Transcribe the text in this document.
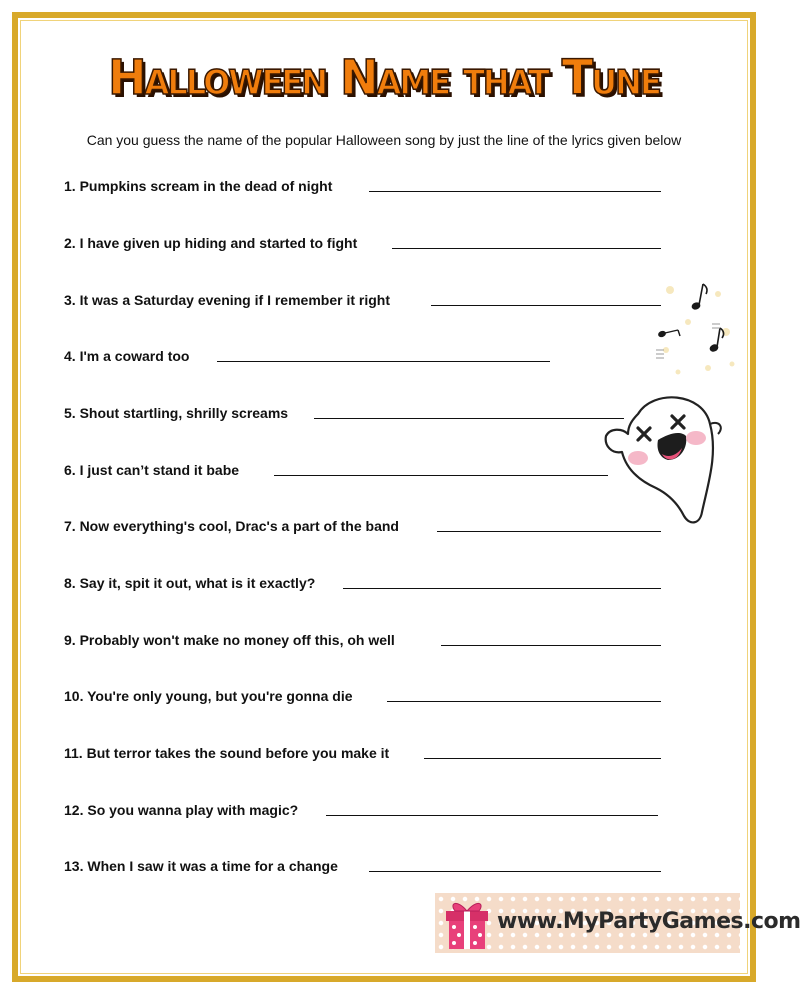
Halloween Name that Tune
Can you guess the name of the popular Halloween song by just the line of the lyrics given below
1. Pumpkins scream in the dead of night
2. I have given up hiding and started to fight
3. It was a Saturday evening if I remember it right
4. I'm a coward too
5. Shout startling, shrilly screams
6. I just can’t stand it babe
7. Now everything's cool, Drac's a part of the band
8. Say it, spit it out, what is it exactly?
9. Probably won't make no money off this, oh well
10. You're only young, but you're gonna die
11. But terror takes the sound before you make it
12. So you wanna play with magic?
13. When I saw it was a time for a change
www.MyPartyGames.com
